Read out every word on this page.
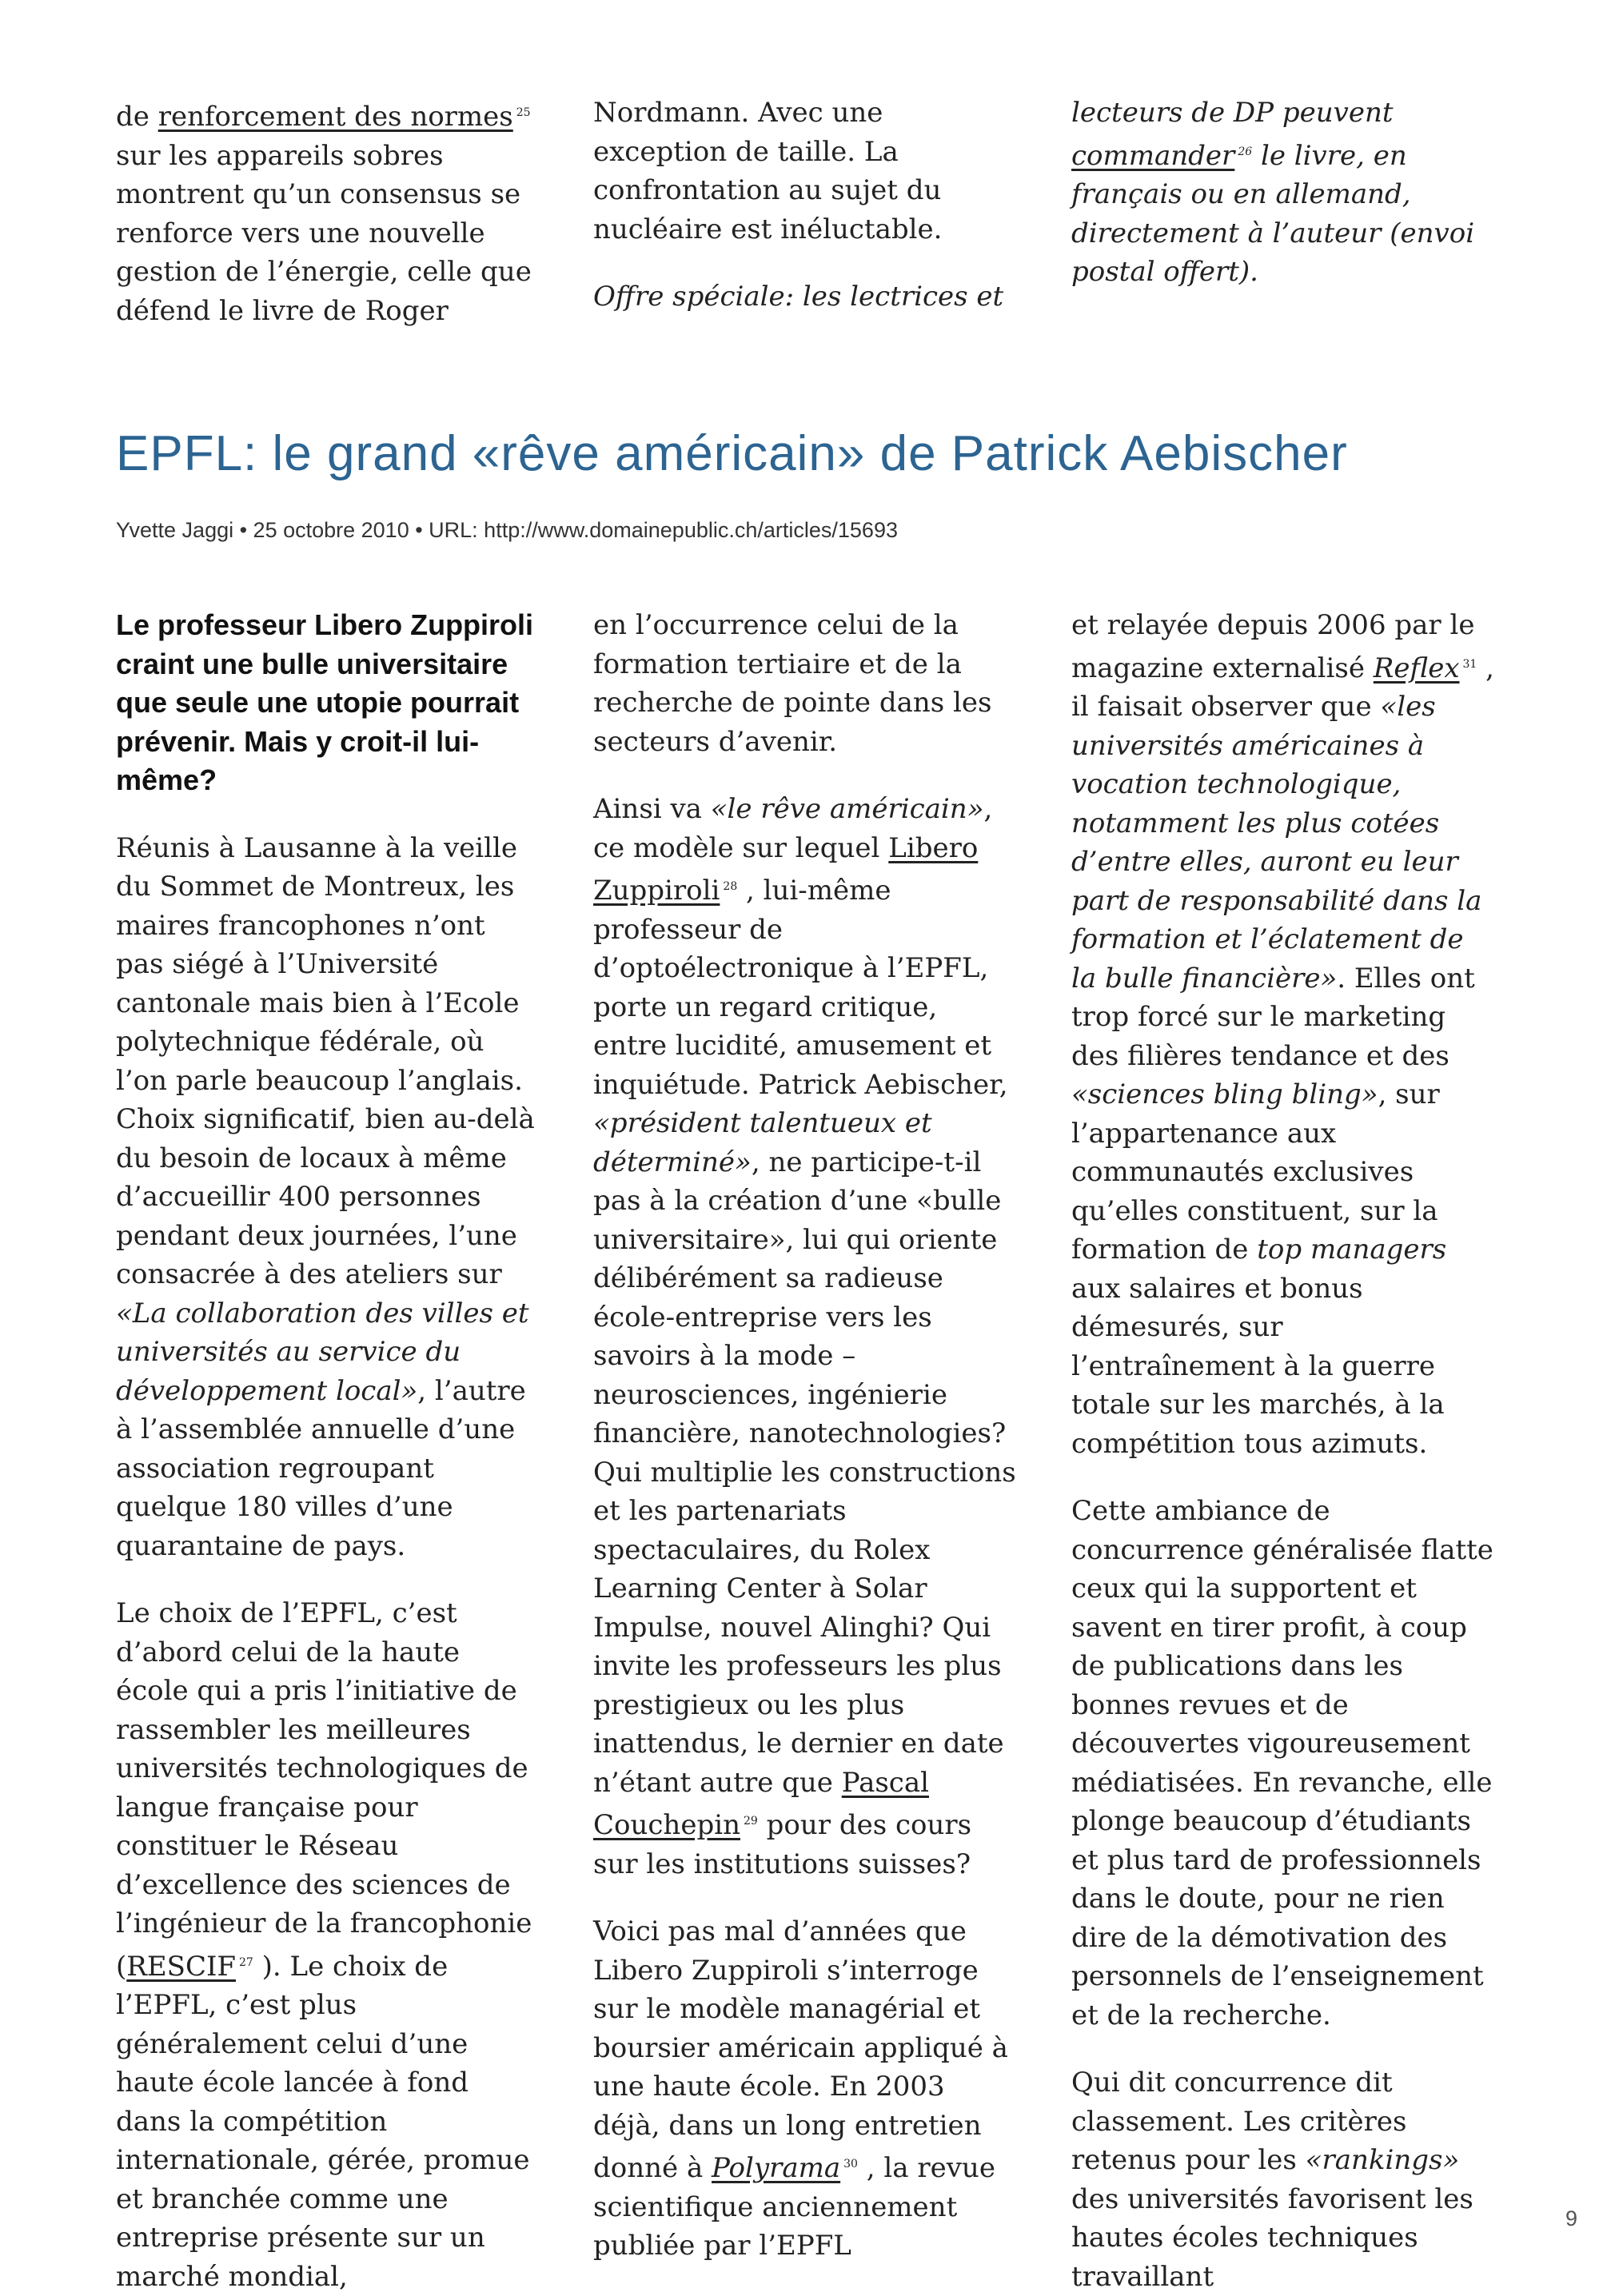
de renforcement des normes $^{25}$ sur les appareils sobres montrent qu’un consensus se renforce vers une nouvelle gestion de l’énergie, celle que défend le livre de Roger

Nordmann. Avec une exception de taille. La confrontation au sujet du nucléaire est inéluctable.

Offre spéciale: les lectrices et

lecteurs de DP peuvent commander $^{26}$ le livre, en français ou en allemand, directement à l’auteur (envoi postal offert).

EPFL: le grand «rêve américain» de Patrick Aebischer
Yvette Jaggi • 25 octobre 2010 • URL: http://www.domainepublic.ch/articles/15693

Le professeur Libero Zuppiroli craint une bulle universitaire que seule une utopie pourrait prévenir. Mais y croit-il lui-même?

Réunis à Lausanne à la veille du Sommet de Montreux, les maires francophones n’ont pas siégé à l’Université cantonale mais bien à l’Ecole polytechnique fédérale, où l’on parle beaucoup l’anglais. Choix significatif, bien au-delà du besoin de locaux à même d’accueillir 400 personnes pendant deux journées, l’une consacrée à des ateliers sur «La collaboration des villes et universités au service du développement local», l’autre à l’assemblée annuelle d’une association regroupant quelque 180 villes d’une quarantaine de pays.

Le choix de l’EPFL, c’est d’abord celui de la haute école qui a pris l’initiative de rassembler les meilleures universités technologiques de langue française pour constituer le Réseau d’excellence des sciences de l’ingénieur de la francophonie (RESCIF $^{27}$ ). Le choix de l’EPFL, c’est plus généralement celui d’une haute école lancée à fond dans la compétition internationale, gérée, promue et branchée comme une entreprise présente sur un marché mondial,

en l’occurrence celui de la formation tertiaire et de la recherche de pointe dans les secteurs d’avenir.

Ainsi va «le rêve américain», ce modèle sur lequel Libero Zuppiroli $^{28}$ , lui-même professeur de d’optoélectronique à l’EPFL, porte un regard critique, entre lucidité, amusement et inquiétude. Patrick Aebischer, «président talentueux et déterminé», ne participe-t-il pas à la création d’une «bulle universitaire», lui qui oriente délibérément sa radieuse école-entreprise vers les savoirs à la mode – neurosciences, ingénierie financière, nanotechnologies? Qui multiplie les constructions et les partenariats spectaculaires, du Rolex Learning Center à Solar Impulse, nouvel Alinghi? Qui invite les professeurs les plus prestigieux ou les plus inattendus, le dernier en date n’étant autre que Pascal Couchepin $^{29}$ pour des cours sur les institutions suisses?

Voici pas mal d’années que Libero Zuppiroli s’interroge sur le modèle managérial et boursier américain appliqué à une haute école. En 2003 déjà, dans un long entretien donné à Polyrama $^{30}$ , la revue scientifique anciennement publiée par l’EPFL

et relayée depuis 2006 par le magazine externalisé Reflex $^{31}$ , il faisait observer que «les universités américaines à vocation technologique, notamment les plus cotées d’entre elles, auront eu leur part de responsabilité dans la formation et l’éclatement de la bulle financière». Elles ont trop forcé sur le marketing des filières tendance et des «sciences bling bling», sur l’appartenance aux communautés exclusives qu’elles constituent, sur la formation de top managers aux salaires et bonus démesurés, sur l’entraînement à la guerre totale sur les marchés, à la compétition tous azimuts.

Cette ambiance de concurrence généralisée flatte ceux qui la supportent et savent en tirer profit, à coup de publications dans les bonnes revues et de découvertes vigoureusement médiatisées. En revanche, elle plonge beaucoup d’étudiants et plus tard de professionnels dans le doute, pour ne rien dire de la démotivation des personnels de l’enseignement et de la recherche.

Qui dit concurrence dit classement. Les critères retenus pour les «rankings» des universités favorisent les hautes écoles techniques travaillant

9
